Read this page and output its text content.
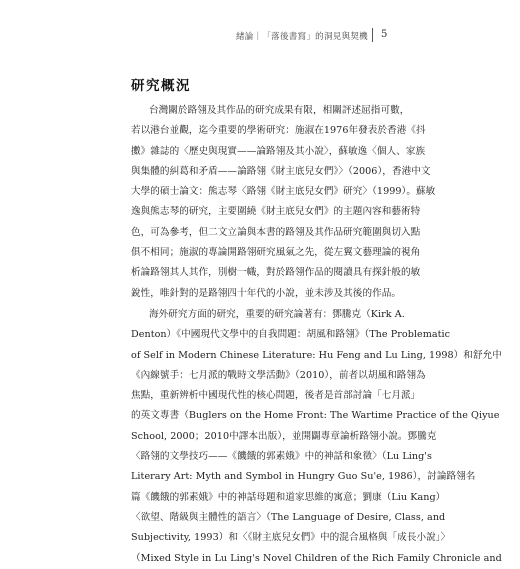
緒論｜「落後書寫」的洞見與契機 5
研究概況
台灣關於路翎及其作品的研究成果有限，相關評述屈指可數，
若以港台並觀，迄今重要的學術研究：施淑在1976年發表於香港《抖
擻》雜誌的〈歷史與現實——論路翎及其小說〉，蘇敏逸〈個人、家族
與集體的糾葛和矛盾——論路翎《財主底兒女們》〉（2006），香港中文
大學的碩士論文：熊志琴〈路翎《財主底兒女們》研究〉（1999）。蘇敏
逸與熊志琴的研究，主要圍繞《財主底兒女們》的主題內容和藝術特
色，可為參考，但二文立論與本書的路翎及其作品研究範圍與切入點
俱不相同；施淑的專論開路翎研究風氣之先，從左翼文藝理論的視角
析論路翎其人其作，別樹一幟，對於路翎作品的閱讀具有探針般的敏
銳性，唯針對的是路翎四十年代的小說，並未涉及其後的作品。
海外研究方面的研究，重要的研究論著有：鄧騰克（Kirk A.
Denton）《中國現代文學中的自我問題：胡風和路翎》（The Problematic
of Self in Modern Chinese Literature: Hu Feng and Lu Ling, 1998）和舒允中
《內線號手：七月派的戰時文學活動》（2010），前者以胡風和路翎為
焦點，重新辨析中國現代性的核心問題，後者是首部討論「七月派」
的英文專書（Buglers on the Home Front: The Wartime Practice of the Qiyue
School, 2000；2010中譯本出版），並開闢專章論析路翎小說。鄧騰克
〈路翎的文學技巧——《饑餓的郭素娥》中的神話和象徵〉（Lu Ling's
Literary Art: Myth and Symbol in Hungry Guo Su'e, 1986），討論路翎名
篇《饑餓的郭素娥》中的神話母題和道家思維的寓意；劉康（Liu Kang）
〈欲望、階級與主體性的語言〉（The Language of Desire, Class, and
Subjectivity, 1993）和〈《財主底兒女們》中的混合風格與「成長小說」〉
（Mixed Style in Lu Ling's Novel Children of the Rich Family Chronicle and
